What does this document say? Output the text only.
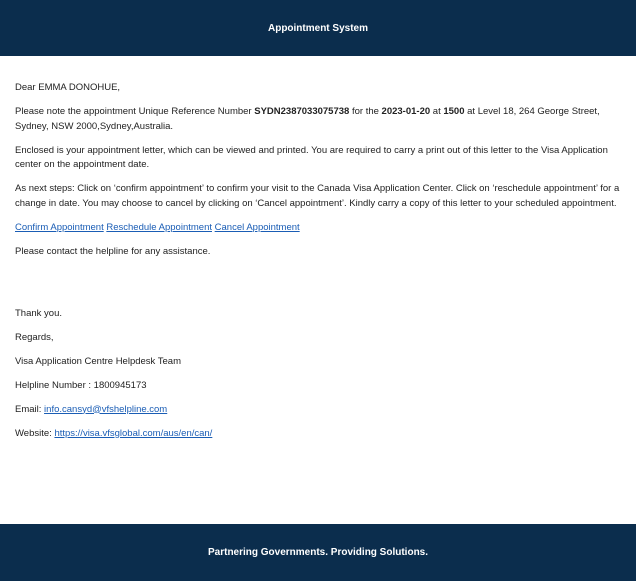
Appointment System

Dear EMMA DONOHUE,

Please note the appointment Unique Reference Number SYDN2387033075738 for the 2023-01-20 at 1500 at Level 18, 264 George Street, Sydney, NSW 2000,Sydney,Australia.

Enclosed is your appointment letter, which can be viewed and printed. You are required to carry a print out of this letter to the Visa Application center on the appointment date.

As next steps: Click on ‘confirm appointment’ to confirm your visit to the Canada Visa Application Center. Click on ‘reschedule appointment’ for a change in date. You may choose to cancel by clicking on ‘Cancel appointment’. Kindly carry a copy of this letter to your scheduled appointment.

Confirm Appointment Reschedule Appointment Cancel Appointment

Please contact the helpline for any assistance.

Thank you.

Regards,

Visa Application Centre Helpdesk Team

Helpline Number : 1800945173

Email: info.cansyd@vfshelpline.com

Website: https://visa.vfsglobal.com/aus/en/can/

Partnering Governments. Providing Solutions.
